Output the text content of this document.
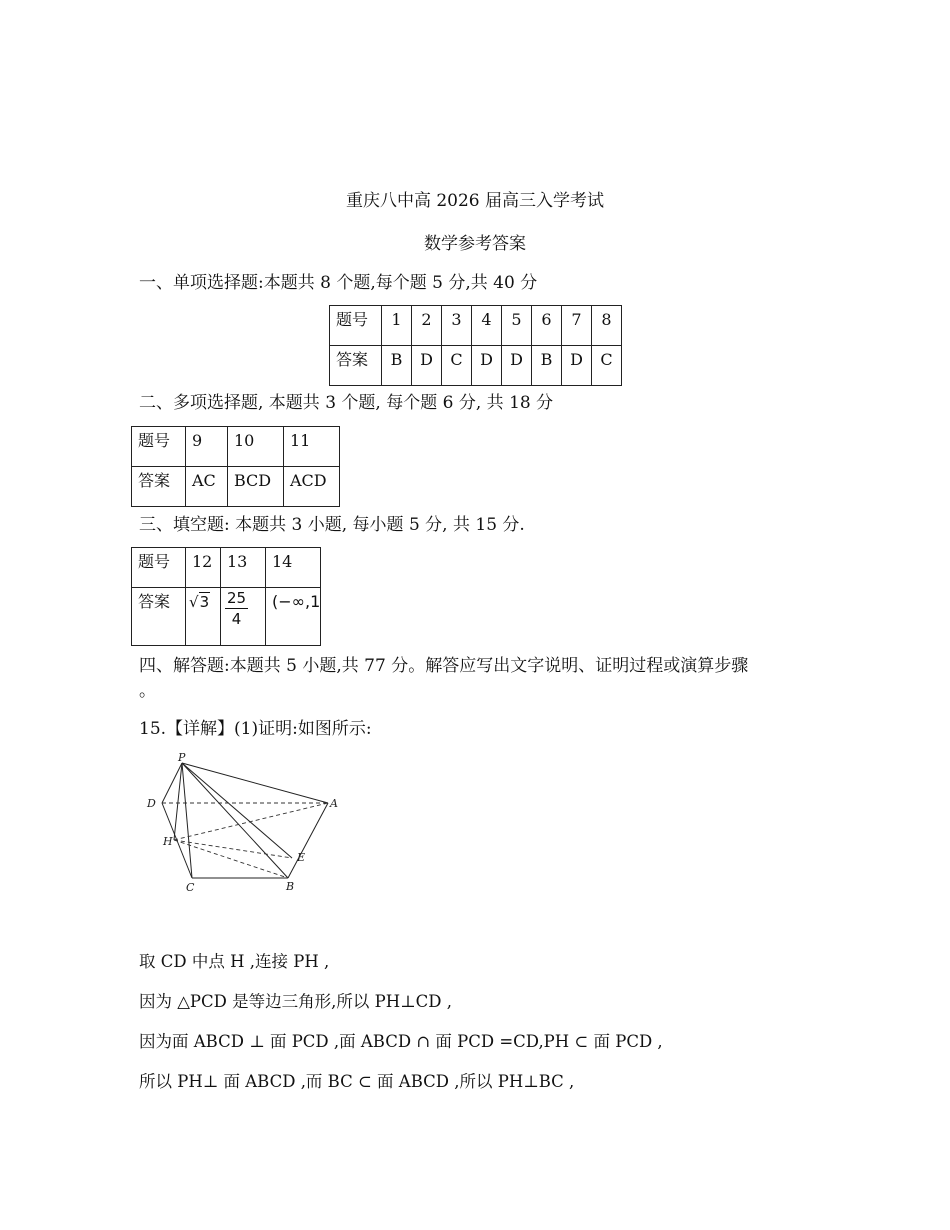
重庆八中高 2026 届高三入学考试
数学参考答案
一、单项选择题:本题共 8 个题,每个题 5 分,共 40 分
题号	1	2	3	4	5	6	7	8
答案	B	D	C	D	D	B	D	C
二、多项选择题, 本题共 3 个题, 每个题 6 分, 共 18 分
题号	9	10	11
答案	AC	BCD	ACD
三、填空题: 本题共 3 小题, 每小题 5 分, 共 15 分.
题号	12	13	14
答案	√3	$\frac{25}{4}$	(−∞,1
四、解答题:本题共 5 小题,共 77 分。解答应写出文字说明、证明过程或演算步骤
。
15.【详解】(1)证明:如图所示:
P
D	A
H
E
C	B
取 CD 中点 H ,连接 PH ,
因为 △PCD 是等边三角形,所以 PH⊥CD ,
因为面 ABCD ⊥ 面 PCD ,面 ABCD ∩ 面 PCD =CD,PH ⊂ 面 PCD ,
所以 PH⊥ 面 ABCD ,而 BC ⊂ 面 ABCD ,所以 PH⊥BC ,
